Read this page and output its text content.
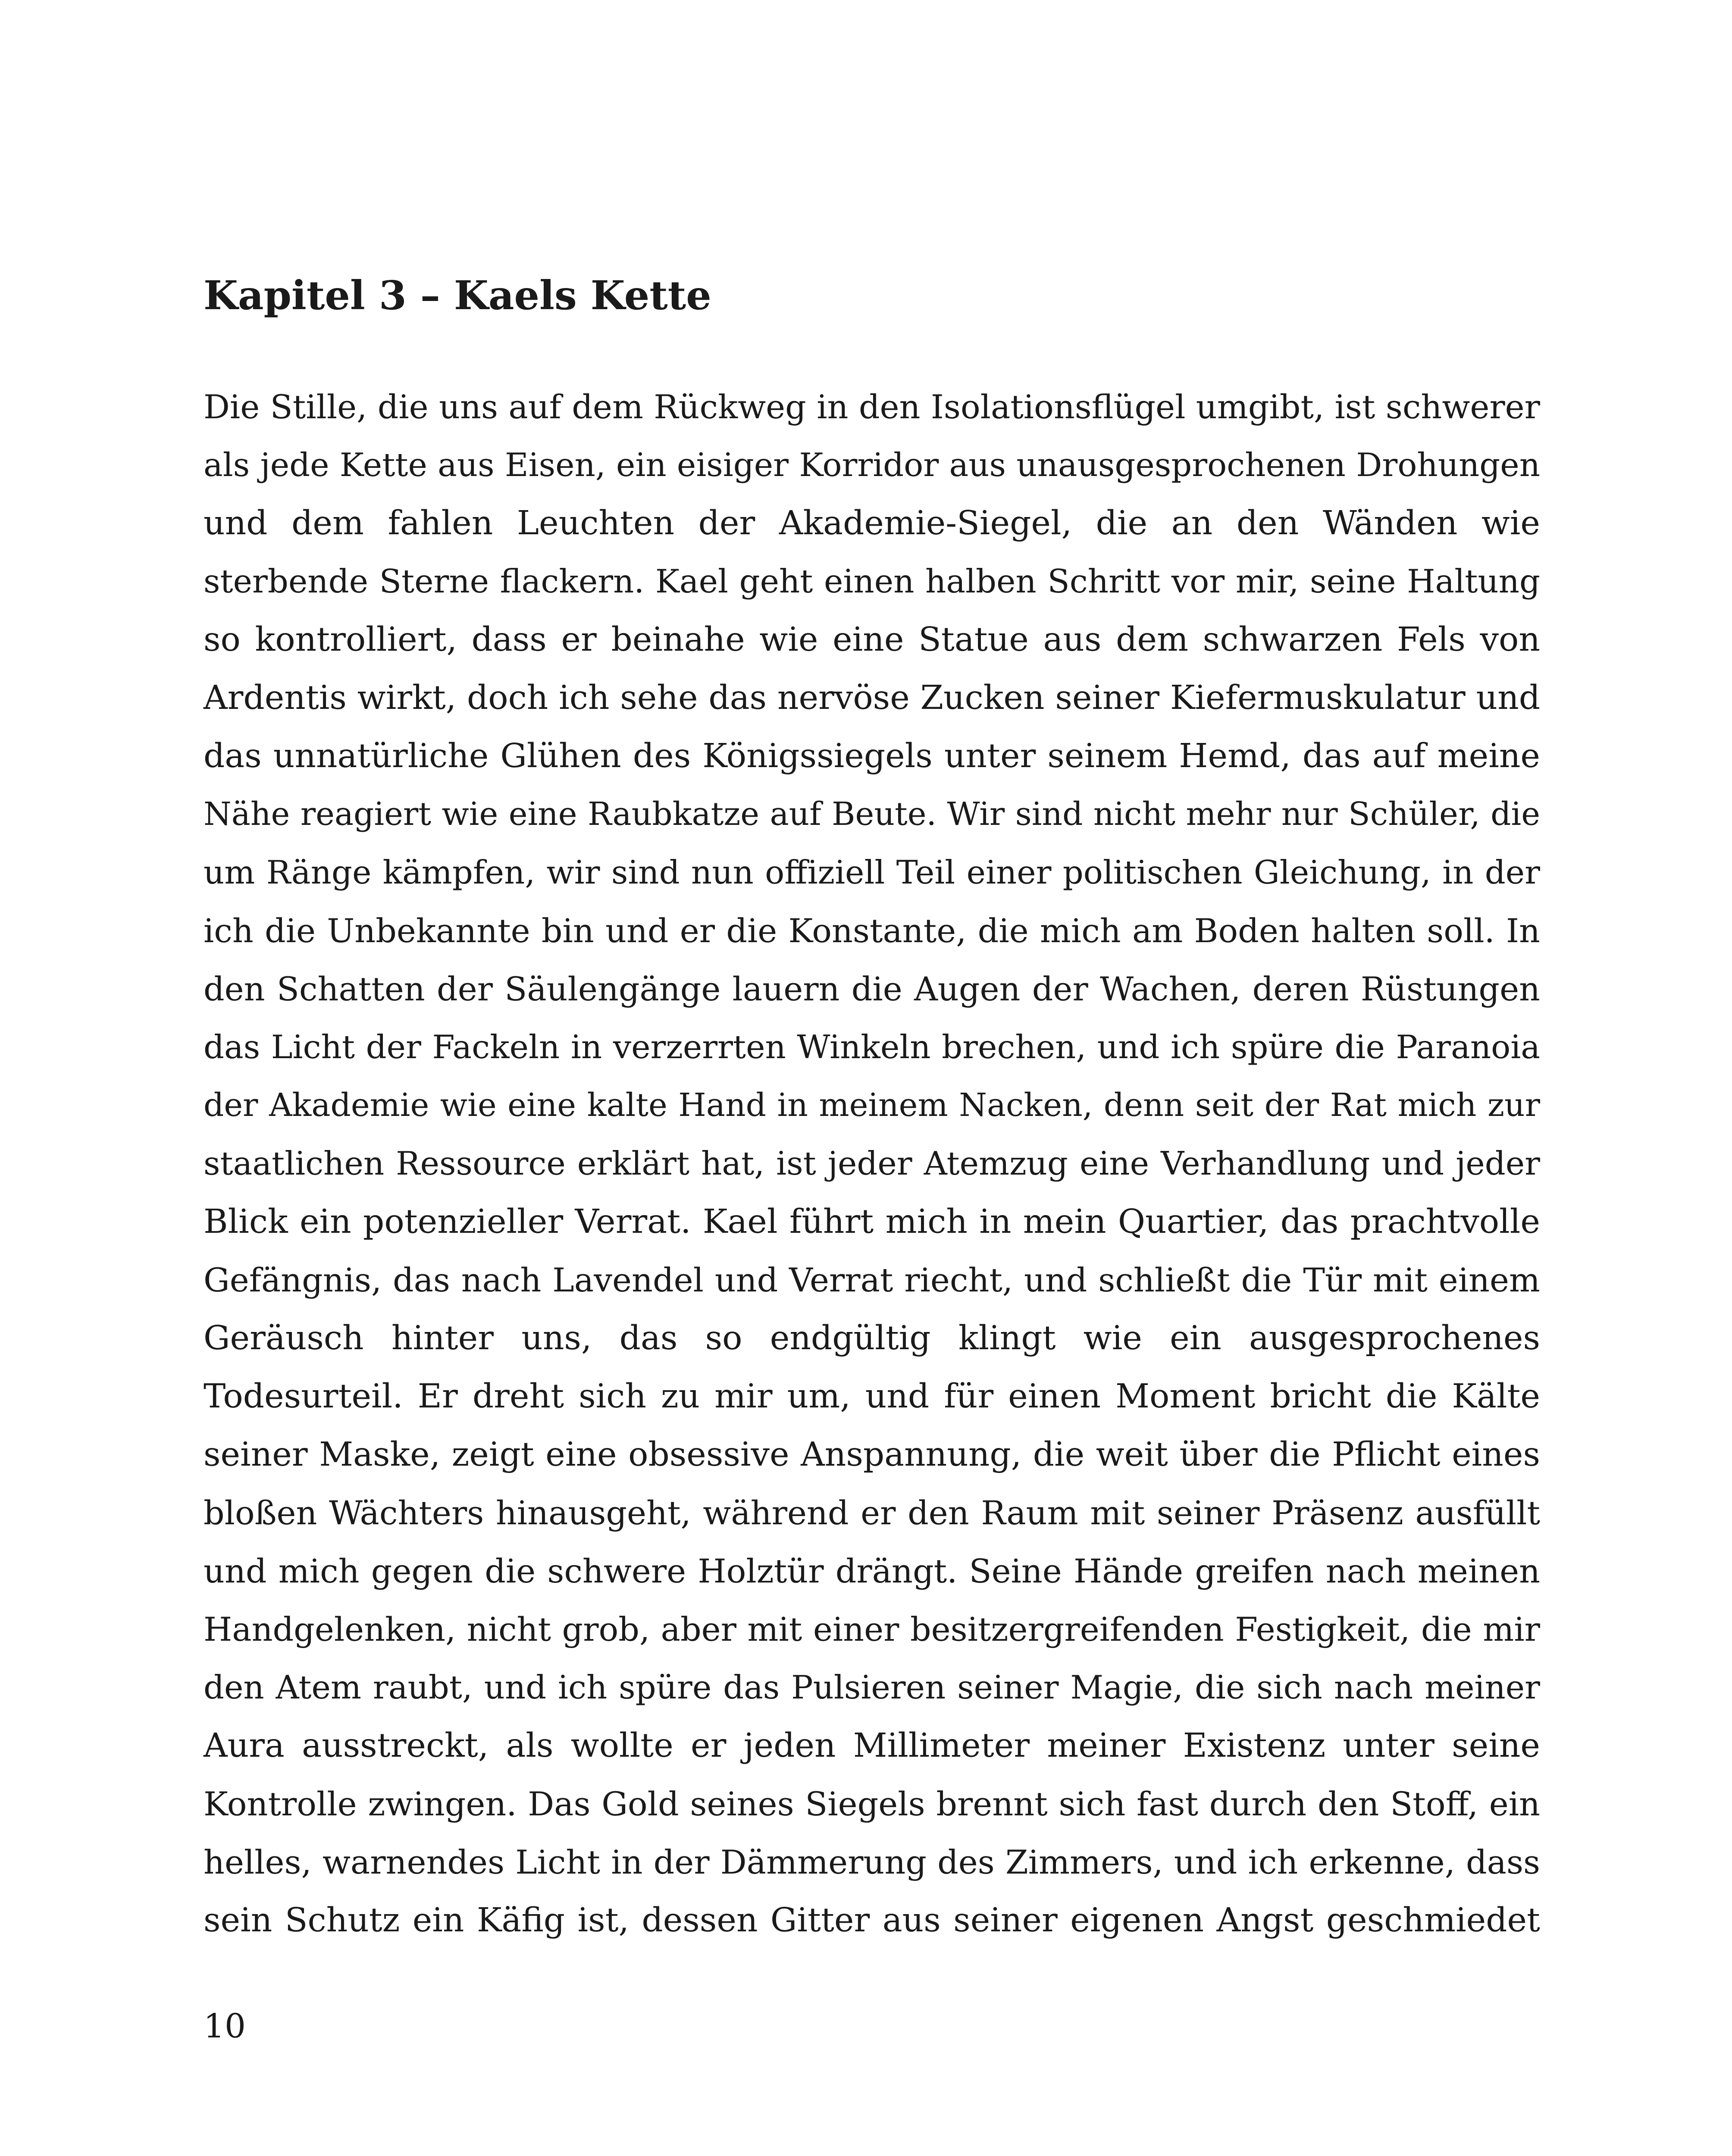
Kapitel 3 – Kaels Kette
Die Stille, die uns auf dem Rückweg in den Isolationsflügel umgibt, ist schwerer
als jede Kette aus Eisen, ein eisiger Korridor aus unausgesprochenen Drohungen
und dem fahlen Leuchten der Akademie-Siegel, die an den Wänden wie
sterbende Sterne flackern. Kael geht einen halben Schritt vor mir, seine Haltung
so kontrolliert, dass er beinahe wie eine Statue aus dem schwarzen Fels von
Ardentis wirkt, doch ich sehe das nervöse Zucken seiner Kiefermuskulatur und
das unnatürliche Glühen des Königssiegels unter seinem Hemd, das auf meine
Nähe reagiert wie eine Raubkatze auf Beute. Wir sind nicht mehr nur Schüler, die
um Ränge kämpfen, wir sind nun offiziell Teil einer politischen Gleichung, in der
ich die Unbekannte bin und er die Konstante, die mich am Boden halten soll. In
den Schatten der Säulengänge lauern die Augen der Wachen, deren Rüstungen
das Licht der Fackeln in verzerrten Winkeln brechen, und ich spüre die Paranoia
der Akademie wie eine kalte Hand in meinem Nacken, denn seit der Rat mich zur
staatlichen Ressource erklärt hat, ist jeder Atemzug eine Verhandlung und jeder
Blick ein potenzieller Verrat. Kael führt mich in mein Quartier, das prachtvolle
Gefängnis, das nach Lavendel und Verrat riecht, und schließt die Tür mit einem
Geräusch hinter uns, das so endgültig klingt wie ein ausgesprochenes
Todesurteil. Er dreht sich zu mir um, und für einen Moment bricht die Kälte
seiner Maske, zeigt eine obsessive Anspannung, die weit über die Pflicht eines
bloßen Wächters hinausgeht, während er den Raum mit seiner Präsenz ausfüllt
und mich gegen die schwere Holztür drängt. Seine Hände greifen nach meinen
Handgelenken, nicht grob, aber mit einer besitzergreifenden Festigkeit, die mir
den Atem raubt, und ich spüre das Pulsieren seiner Magie, die sich nach meiner
Aura ausstreckt, als wollte er jeden Millimeter meiner Existenz unter seine
Kontrolle zwingen. Das Gold seines Siegels brennt sich fast durch den Stoff, ein
helles, warnendes Licht in der Dämmerung des Zimmers, und ich erkenne, dass
sein Schutz ein Käfig ist, dessen Gitter aus seiner eigenen Angst geschmiedet
10
